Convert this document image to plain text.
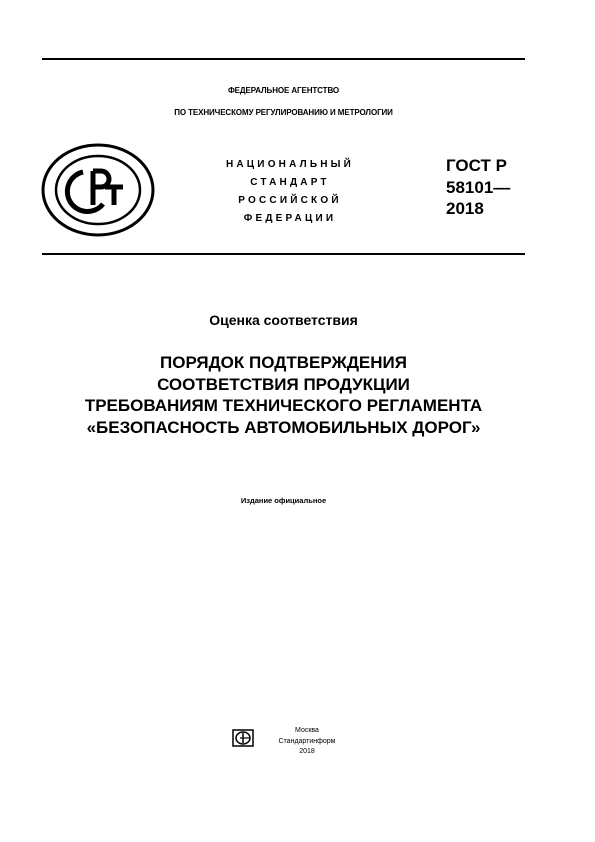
ФЕДЕРАЛЬНОЕ АГЕНТСТВО
ПО ТЕХНИЧЕСКОМУ РЕГУЛИРОВАНИЮ И МЕТРОЛОГИИ
НАЦИОНАЛЬНЫЙ
СТАНДАРТ
РОССИЙСКОЙ
ФЕДЕРАЦИИ
ГОСТ Р
58101—
2018
Оценка соответствия
ПОРЯДОК ПОДТВЕРЖДЕНИЯ
СООТВЕТСТВИЯ ПРОДУКЦИИ
ТРЕБОВАНИЯМ ТЕХНИЧЕСКОГО РЕГЛАМЕНТА
«БЕЗОПАСНОСТЬ АВТОМОБИЛЬНЫХ ДОРОГ»
Издание официальное
Москва
Стандартинформ
2018
